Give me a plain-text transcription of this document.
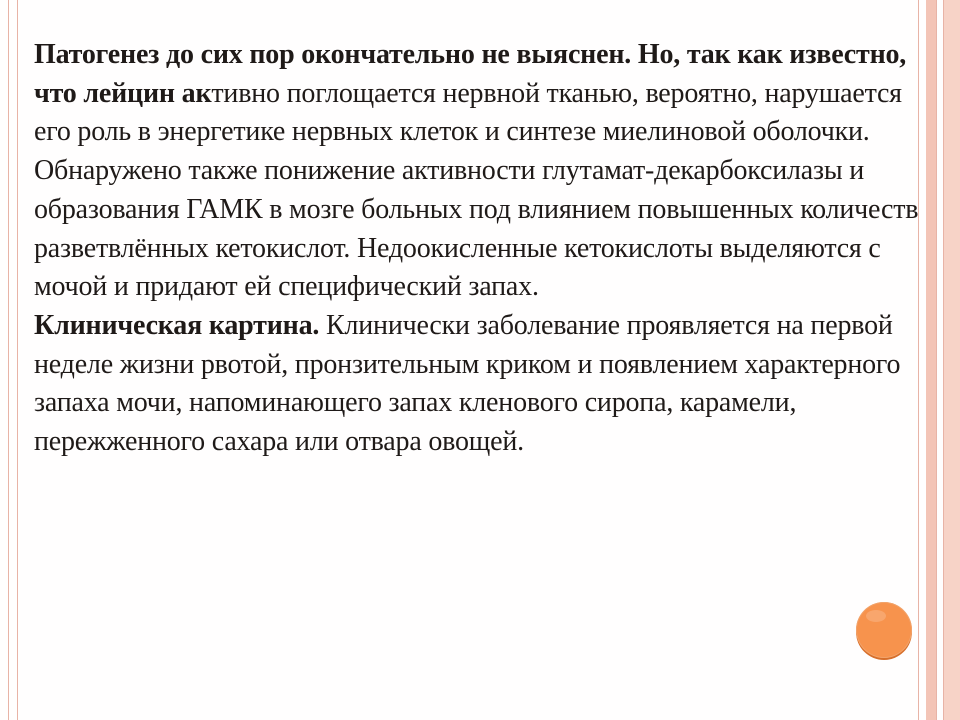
Патогенез до сих пор окончательно не выяснен. Но, так как известно, что лейцин активно поглощается нервной тканью, вероятно, нарушается его роль в энергетике нервных клеток и синтезе миелиновой оболочки. Обнаружено также понижение активности глутамат-декарбоксилазы и образования ГАМК в мозге больных под влиянием повышенных количеств разветвлённых кетокислот. Недоокисленные кетокислоты выделяются с мочой и придают ей специфический запах.

Клиническая картина. Клинически заболевание проявляется на первой неделе жизни рвотой, пронзительным криком и появлением характерного запаха мочи, напоминающего запах кленового сиропа, карамели, пережженного сахара или отвара овощей.
